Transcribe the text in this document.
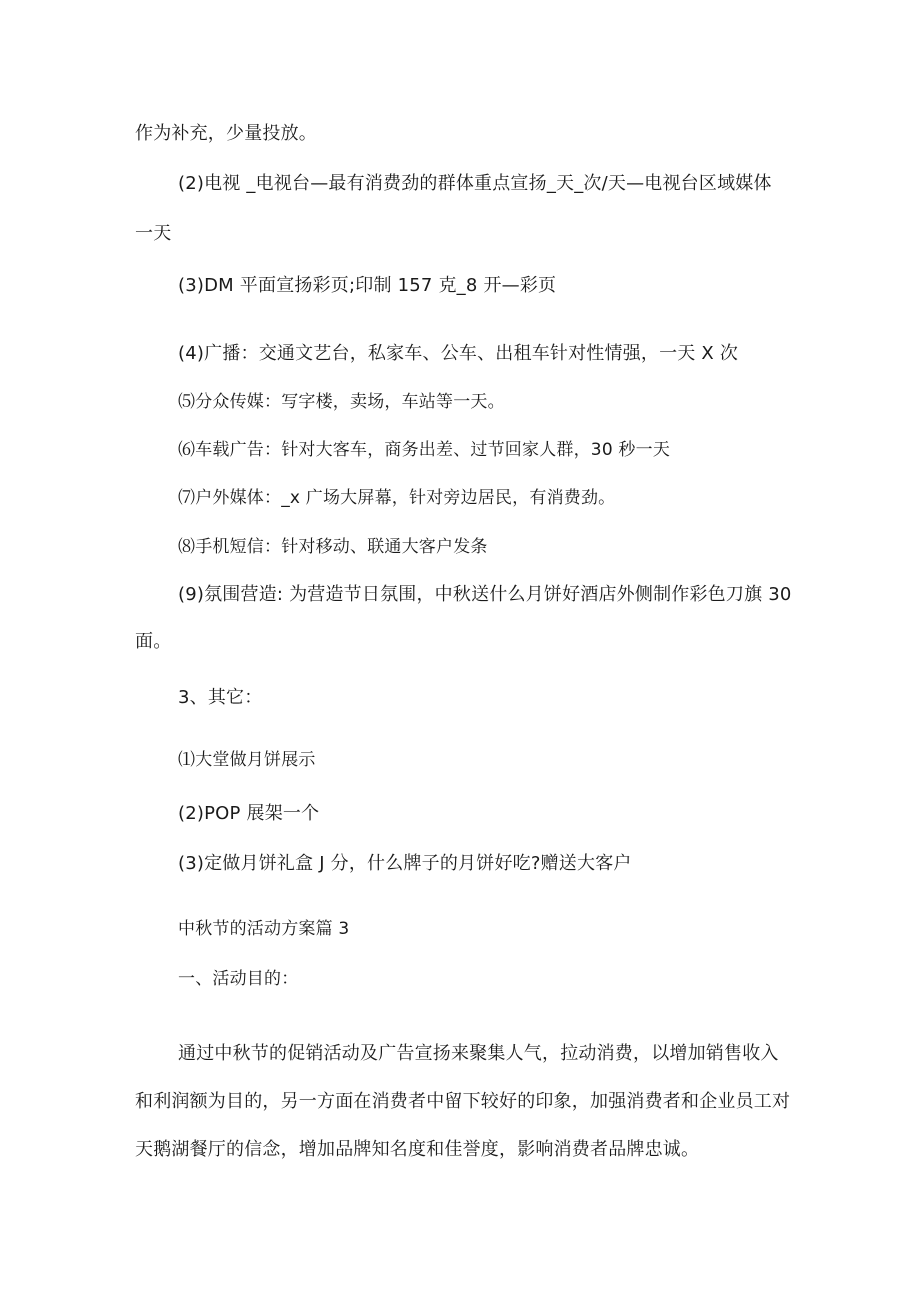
作为补充，少量投放。
(2)电视 _电视台—最有消费劲的群体重点宣扬_天_次/天—电视台区域媒体
一天
(3)DM 平面宣扬彩页;印制 157 克_8 开—彩页
(4)广播：交通文艺台，私家车、公车、出租车针对性情强，一天 X 次
⑸分众传媒：写字楼，卖场，车站等一天。
⑹车载广告：针对大客车，商务出差、过节回家人群，30 秒一天
⑺户外媒体：_x 广场大屏幕，针对旁边居民，有消费劲。
⑻手机短信：针对移动、联通大客户发条
(9)氛围营造: 为营造节日氛围，中秋送什么月饼好酒店外侧制作彩色刀旗 30
面。
3、其它：
⑴大堂做月饼展示
(2)POP 展架一个
(3)定做月饼礼盒 J 分，什么牌子的月饼好吃?赠送大客户
中秋节的活动方案篇 3
一、活动目的：
通过中秋节的促销活动及广告宣扬来聚集人气，拉动消费，以增加销售收入
和利润额为目的，另一方面在消费者中留下较好的印象，加强消费者和企业员工对
天鹅湖餐厅的信念，增加品牌知名度和佳誉度，影响消费者品牌忠诚。
